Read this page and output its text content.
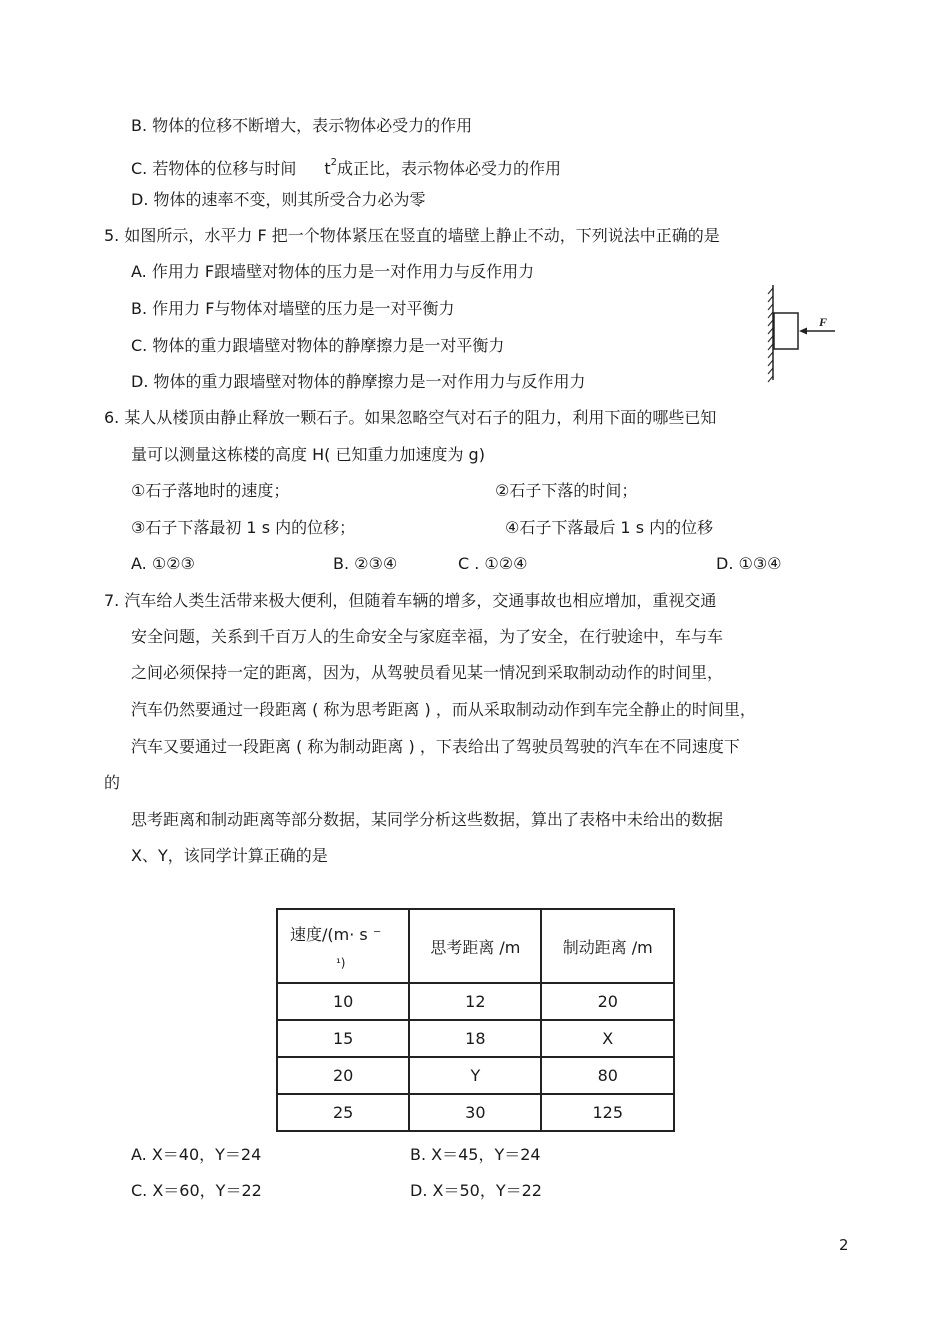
B. 物体的位移不断增大，表示物体必受力的作用
C. 若物体的位移与时间 $t^2$成正比，表示物体必受力的作用
D. 物体的速率不变，则其所受合力必为零
5. 如图所示，水平力 F 把一个物体紧压在竖直的墙壁上静止不动，下列说法中正确的是
A. 作用力 F跟墙壁对物体的压力是一对作用力与反作用力
B. 作用力 F与物体对墙壁的压力是一对平衡力
C. 物体的重力跟墙壁对物体的静摩擦力是一对平衡力
D. 物体的重力跟墙壁对物体的静摩擦力是一对作用力与反作用力
F
6. 某人从楼顶由静止释放一颗石子。如果忽略空气对石子的阻力，利用下面的哪些已知
量可以测量这栋楼的高度 H( 已知重力加速度为 g)
①石子落地时的速度；	②石子下落的时间；
③石子下落最初 1 s 内的位移；	④石子下落最后 1 s 内的位移
A. ①②③	B. ②③④	C . ①②④	D. ①③④
7. 汽车给人类生活带来极大便利，但随着车辆的增多，交通事故也相应增加，重视交通
安全问题，关系到千百万人的生命安全与家庭幸福，为了安全，在行驶途中，车与车
之间必须保持一定的距离，因为，从驾驶员看见某一情况到采取制动动作的时间里，
汽车仍然要通过一段距离 ( 称为思考距离 ) ，而从采取制动动作到车完全静止的时间里，
汽车又要通过一段距离 ( 称为制动距离 ) ，下表给出了驾驶员驾驶的汽车在不同速度下
的
思考距离和制动距离等部分数据，某同学分析这些数据，算出了表格中未给出的数据
X、Y，该同学计算正确的是
速度/(m· s ⁻
¹)	思考距离 /m	制动距离 /m
10	12	20
15	18	X
20	Y	80
25	30	125
A. X＝40，Y＝24	B. X＝45，Y＝24
C. X＝60，Y＝22	D. X＝50，Y＝22
2
